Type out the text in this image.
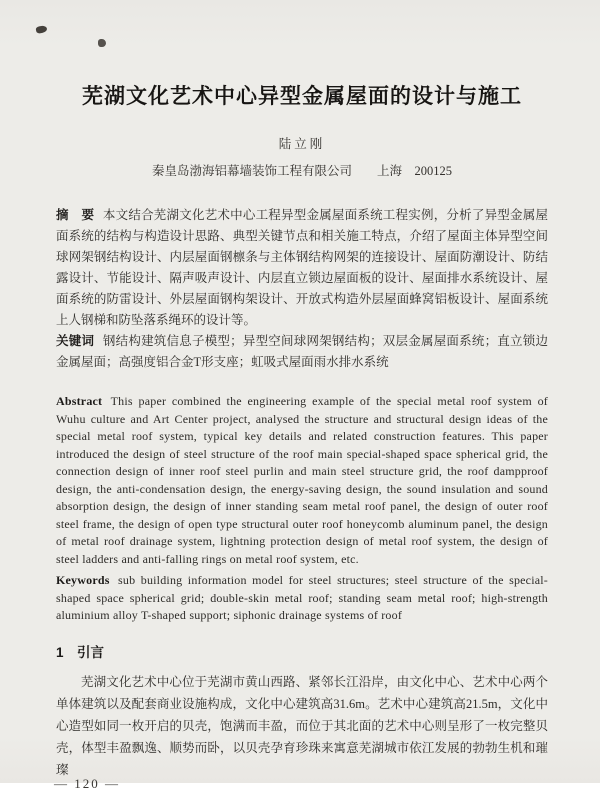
芜湖文化艺术中心异型金属屋面的设计与施工
陆立刚
秦皇岛渤海铝幕墙装饰工程有限公司　　上海　200125

摘　要 本文结合芜湖文化艺术中心工程异型金属屋面系统工程实例，分析了异型金属屋面系统的结构与构造设计思路、典型关键节点和相关施工特点，介绍了屋面主体异型空间球网架钢结构设计、内层屋面钢檩条与主体钢结构网架的连接设计、屋面防潮设计、防结露设计、节能设计、隔声吸声设计、内层直立锁边屋面板的设计、屋面排水系统设计、屋面系统的防雷设计、外层屋面钢构架设计、开放式构造外层屋面蜂窝铝板设计、屋面系统上人钢梯和防坠落系绳环的设计等。

关键词 钢结构建筑信息子模型；异型空间球网架钢结构；双层金属屋面系统；直立锁边金属屋面；高强度铝合金T形支座；虹吸式屋面雨水排水系统

Abstract This paper combined the engineering example of the special metal roof system of Wuhu culture and Art Center project, analysed the structure and structural design ideas of the special metal roof system, typical key details and related construction features. This paper introduced the design of steel structure of the roof main special-shaped space spherical grid, the connection design of inner roof steel purlin and main steel structure grid, the roof dampproof design, the anti-condensation design, the energy-saving design, the sound insulation and sound absorption design, the design of inner standing seam metal roof panel, the design of outer roof steel frame, the design of open type structural outer roof honeycomb aluminum panel, the design of metal roof drainage system, lightning protection design of metal roof system, the design of steel ladders and anti-falling rings on metal roof system, etc.

Keywords sub building information model for steel structures; steel structure of the special-shaped space spherical grid; double-skin metal roof; standing seam metal roof; high-strength aluminium alloy T-shaped support; siphonic drainage systems of roof

1 引言

芜湖文化艺术中心位于芜湖市黄山西路、紧邻长江沿岸，由文化中心、艺术中心两个单体建筑以及配套商业设施构成，文化中心建筑高31.6m。艺术中心建筑高21.5m，文化中心造型如同一枚开启的贝壳，饱满而丰盈，而位于其北面的艺术中心则呈形了一枚完整贝壳，体型丰盈飘逸、顺势而卧，以贝壳孕育珍珠来寓意芜湖城市依江发展的勃勃生机和璀璨

— 120 —
